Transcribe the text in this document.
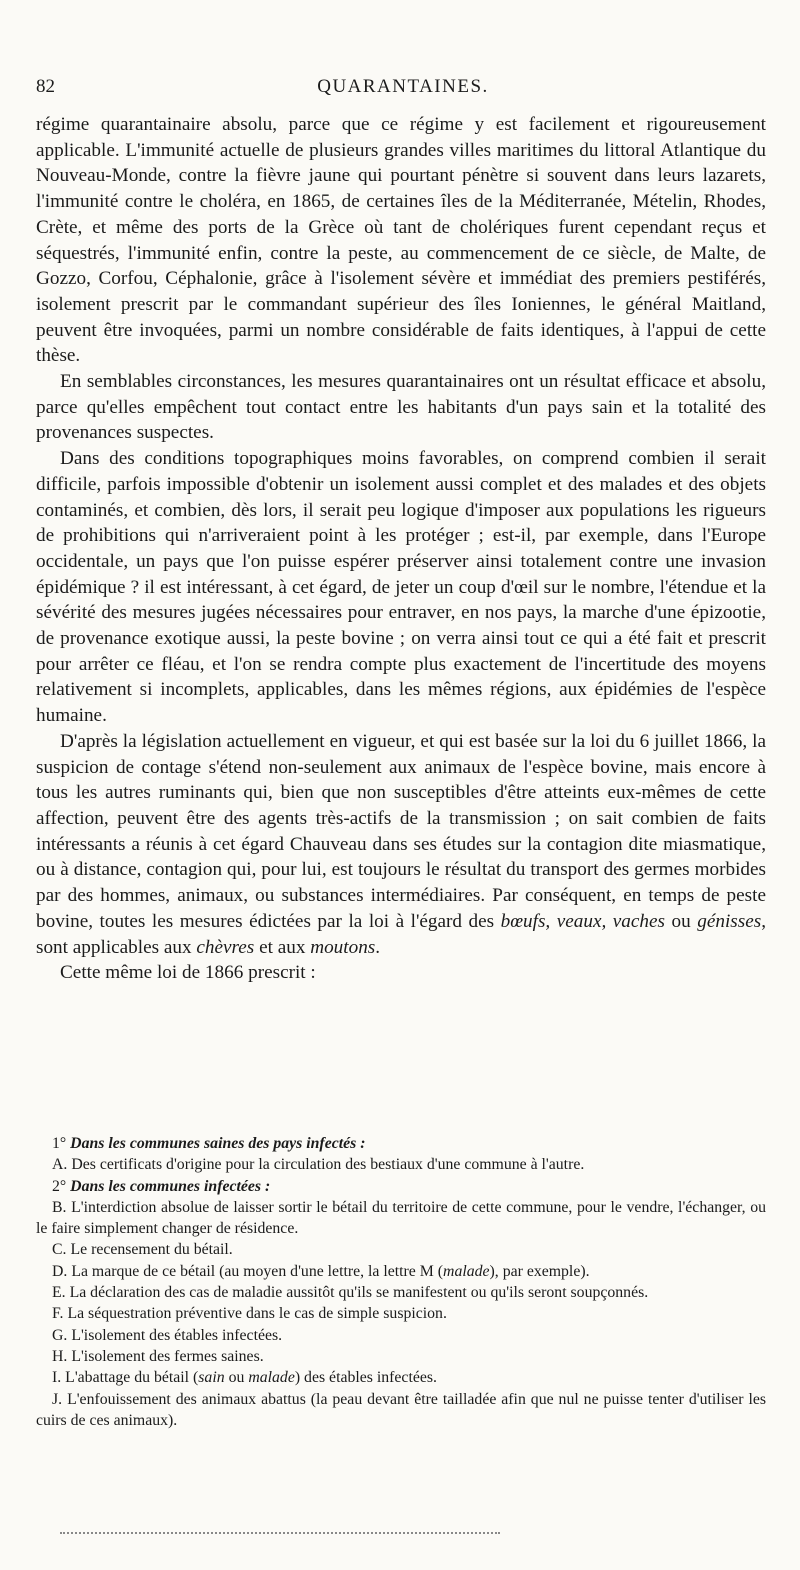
82	QUARANTAINES.

régime quarantainaire absolu, parce que ce régime y est facilement et rigoureusement applicable. L'immunité actuelle de plusieurs grandes villes maritimes du littoral Atlantique du Nouveau-Monde, contre la fièvre jaune qui pourtant pénètre si souvent dans leurs lazarets, l'immunité contre le choléra, en 1865, de certaines îles de la Méditerranée, Mételin, Rhodes, Crète, et même des ports de la Grèce où tant de cholériques furent cependant reçus et séquestrés, l'immunité enfin, contre la peste, au commencement de ce siècle, de Malte, de Gozzo, Corfou, Céphalonie, grâce à l'isolement sévère et immédiat des premiers pestiférés, isolement prescrit par le commandant supérieur des îles Ioniennes, le général Maitland, peuvent être invoquées, parmi un nombre considérable de faits identiques, à l'appui de cette thèse.

En semblables circonstances, les mesures quarantainaires ont un résultat efficace et absolu, parce qu'elles empêchent tout contact entre les habitants d'un pays sain et la totalité des provenances suspectes.

Dans des conditions topographiques moins favorables, on comprend combien il serait difficile, parfois impossible d'obtenir un isolement aussi complet et des malades et des objets contaminés, et combien, dès lors, il serait peu logique d'imposer aux populations les rigueurs de prohibitions qui n'arriveraient point à les protéger ; est-il, par exemple, dans l'Europe occidentale, un pays que l'on puisse espérer préserver ainsi totalement contre une invasion épidémique ? il est intéressant, à cet égard, de jeter un coup d'œil sur le nombre, l'étendue et la sévérité des mesures jugées nécessaires pour entraver, en nos pays, la marche d'une épizootie, de provenance exotique aussi, la peste bovine ; on verra ainsi tout ce qui a été fait et prescrit pour arrêter ce fléau, et l'on se rendra compte plus exactement de l'incertitude des moyens relativement si incomplets, applicables, dans les mêmes régions, aux épidémies de l'espèce humaine.

D'après la législation actuellement en vigueur, et qui est basée sur la loi du 6 juillet 1866, la suspicion de contage s'étend non-seulement aux animaux de l'espèce bovine, mais encore à tous les autres ruminants qui, bien que non susceptibles d'être atteints eux-mêmes de cette affection, peuvent être des agents très-actifs de la transmission ; on sait combien de faits intéressants a réunis à cet égard Chauveau dans ses études sur la contagion dite miasmatique, ou à distance, contagion qui, pour lui, est toujours le résultat du transport des germes morbides par des hommes, animaux, ou substances intermédiaires. Par conséquent, en temps de peste bovine, toutes les mesures édictées par la loi à l'égard des bœufs, veaux, vaches ou génisses, sont applicables aux chèvres et aux moutons.

Cette même loi de 1866 prescrit :

1° Dans les communes saines des pays infectés :
A. Des certificats d'origine pour la circulation des bestiaux d'une commune à l'autre.
2° Dans les communes infectées :
B. L'interdiction absolue de laisser sortir le bétail du territoire de cette commune, pour le vendre, l'échanger, ou le faire simplement changer de résidence.
C. Le recensement du bétail.
D. La marque de ce bétail (au moyen d'une lettre, la lettre M (malade), par exemple).
E. La déclaration des cas de maladie aussitôt qu'ils se manifestent ou qu'ils seront soupçonnés.
F. La séquestration préventive dans le cas de simple suspicion.
G. L'isolement des étables infectées.
H. L'isolement des fermes saines.
I. L'abattage du bétail (sain ou malade) des étables infectées.
J. L'enfouissement des animaux abattus (la peau devant être tailladée afin que nul ne puisse tenter d'utiliser les cuirs de ces animaux).
